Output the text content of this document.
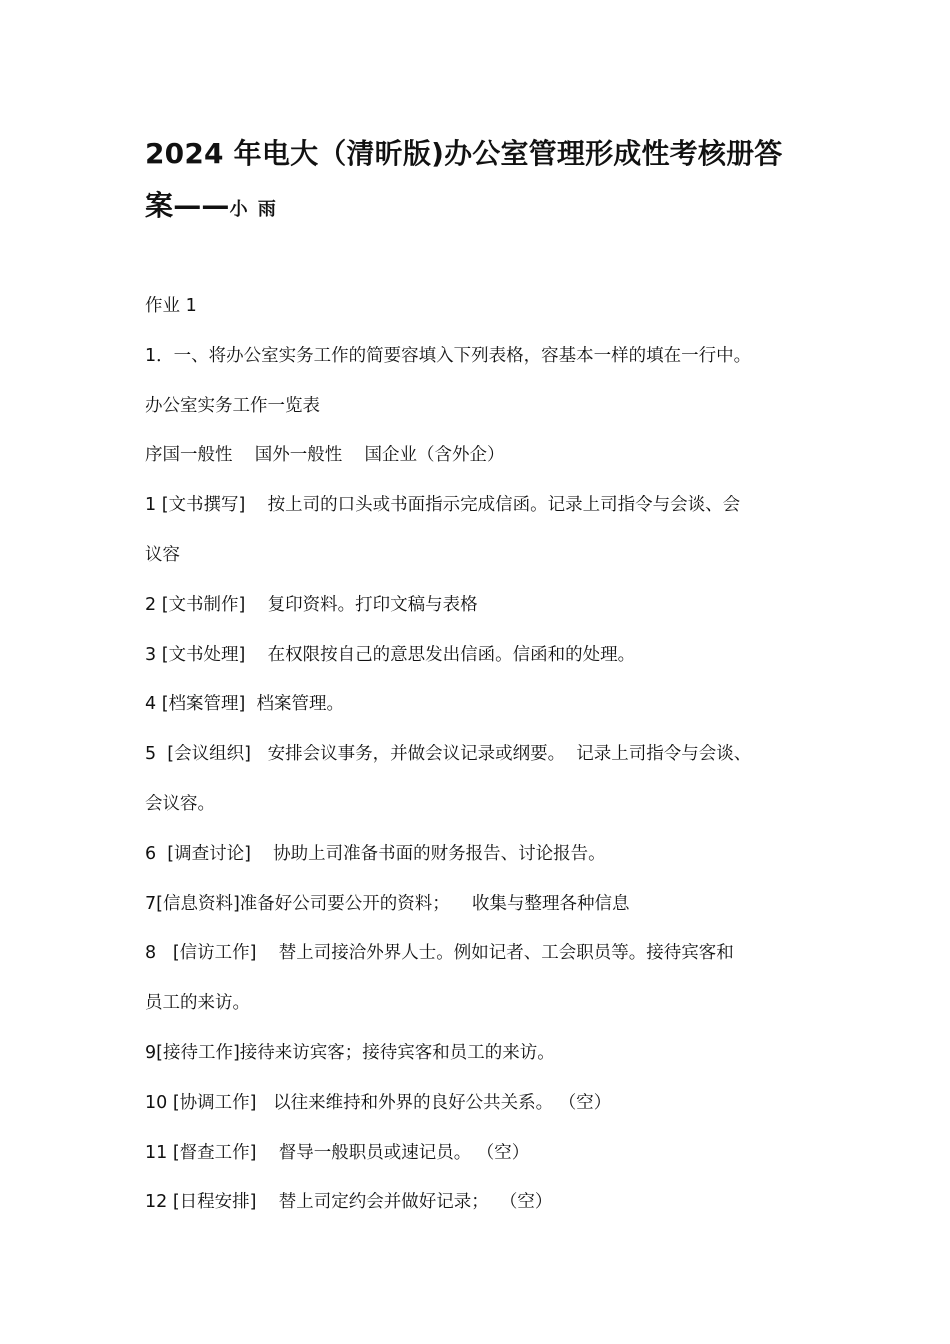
2024 年电大（清昕版)办公室管理形成性考核册答
案——小 雨

作业 1

1．一、将办公室实务工作的简要容填入下列表格，容基本一样的填在一行中。

办公室实务工作一览表

序国一般性    国外一般性    国企业（含外企）

1 [文书撰写]    按上司的口头或书面指示完成信函。记录上司指令与会谈、会

议容

2 [文书制作]    复印资料。打印文稿与表格

3 [文书处理]    在权限按自己的意思发出信函。信函和的处理。

4 [档案管理]  档案管理。

5  [会议组织]   安排会议事务，并做会议记录或纲要。  记录上司指令与会谈、

会议容。

6  [调查讨论]    协助上司准备书面的财务报告、讨论报告。

7[信息资料]准备好公司要公开的资料；    收集与整理各种信息

8   [信访工作]    替上司接洽外界人士。例如记者、工会职员等。接待宾客和

员工的来访。

9[接待工作]接待来访宾客；接待宾客和员工的来访。

10 [协调工作]   以往来维持和外界的良好公共关系。 （空）

11 [督查工作]    督导一般职员或速记员。 （空）

12 [日程安排]    替上司定约会并做好记录；  （空）
